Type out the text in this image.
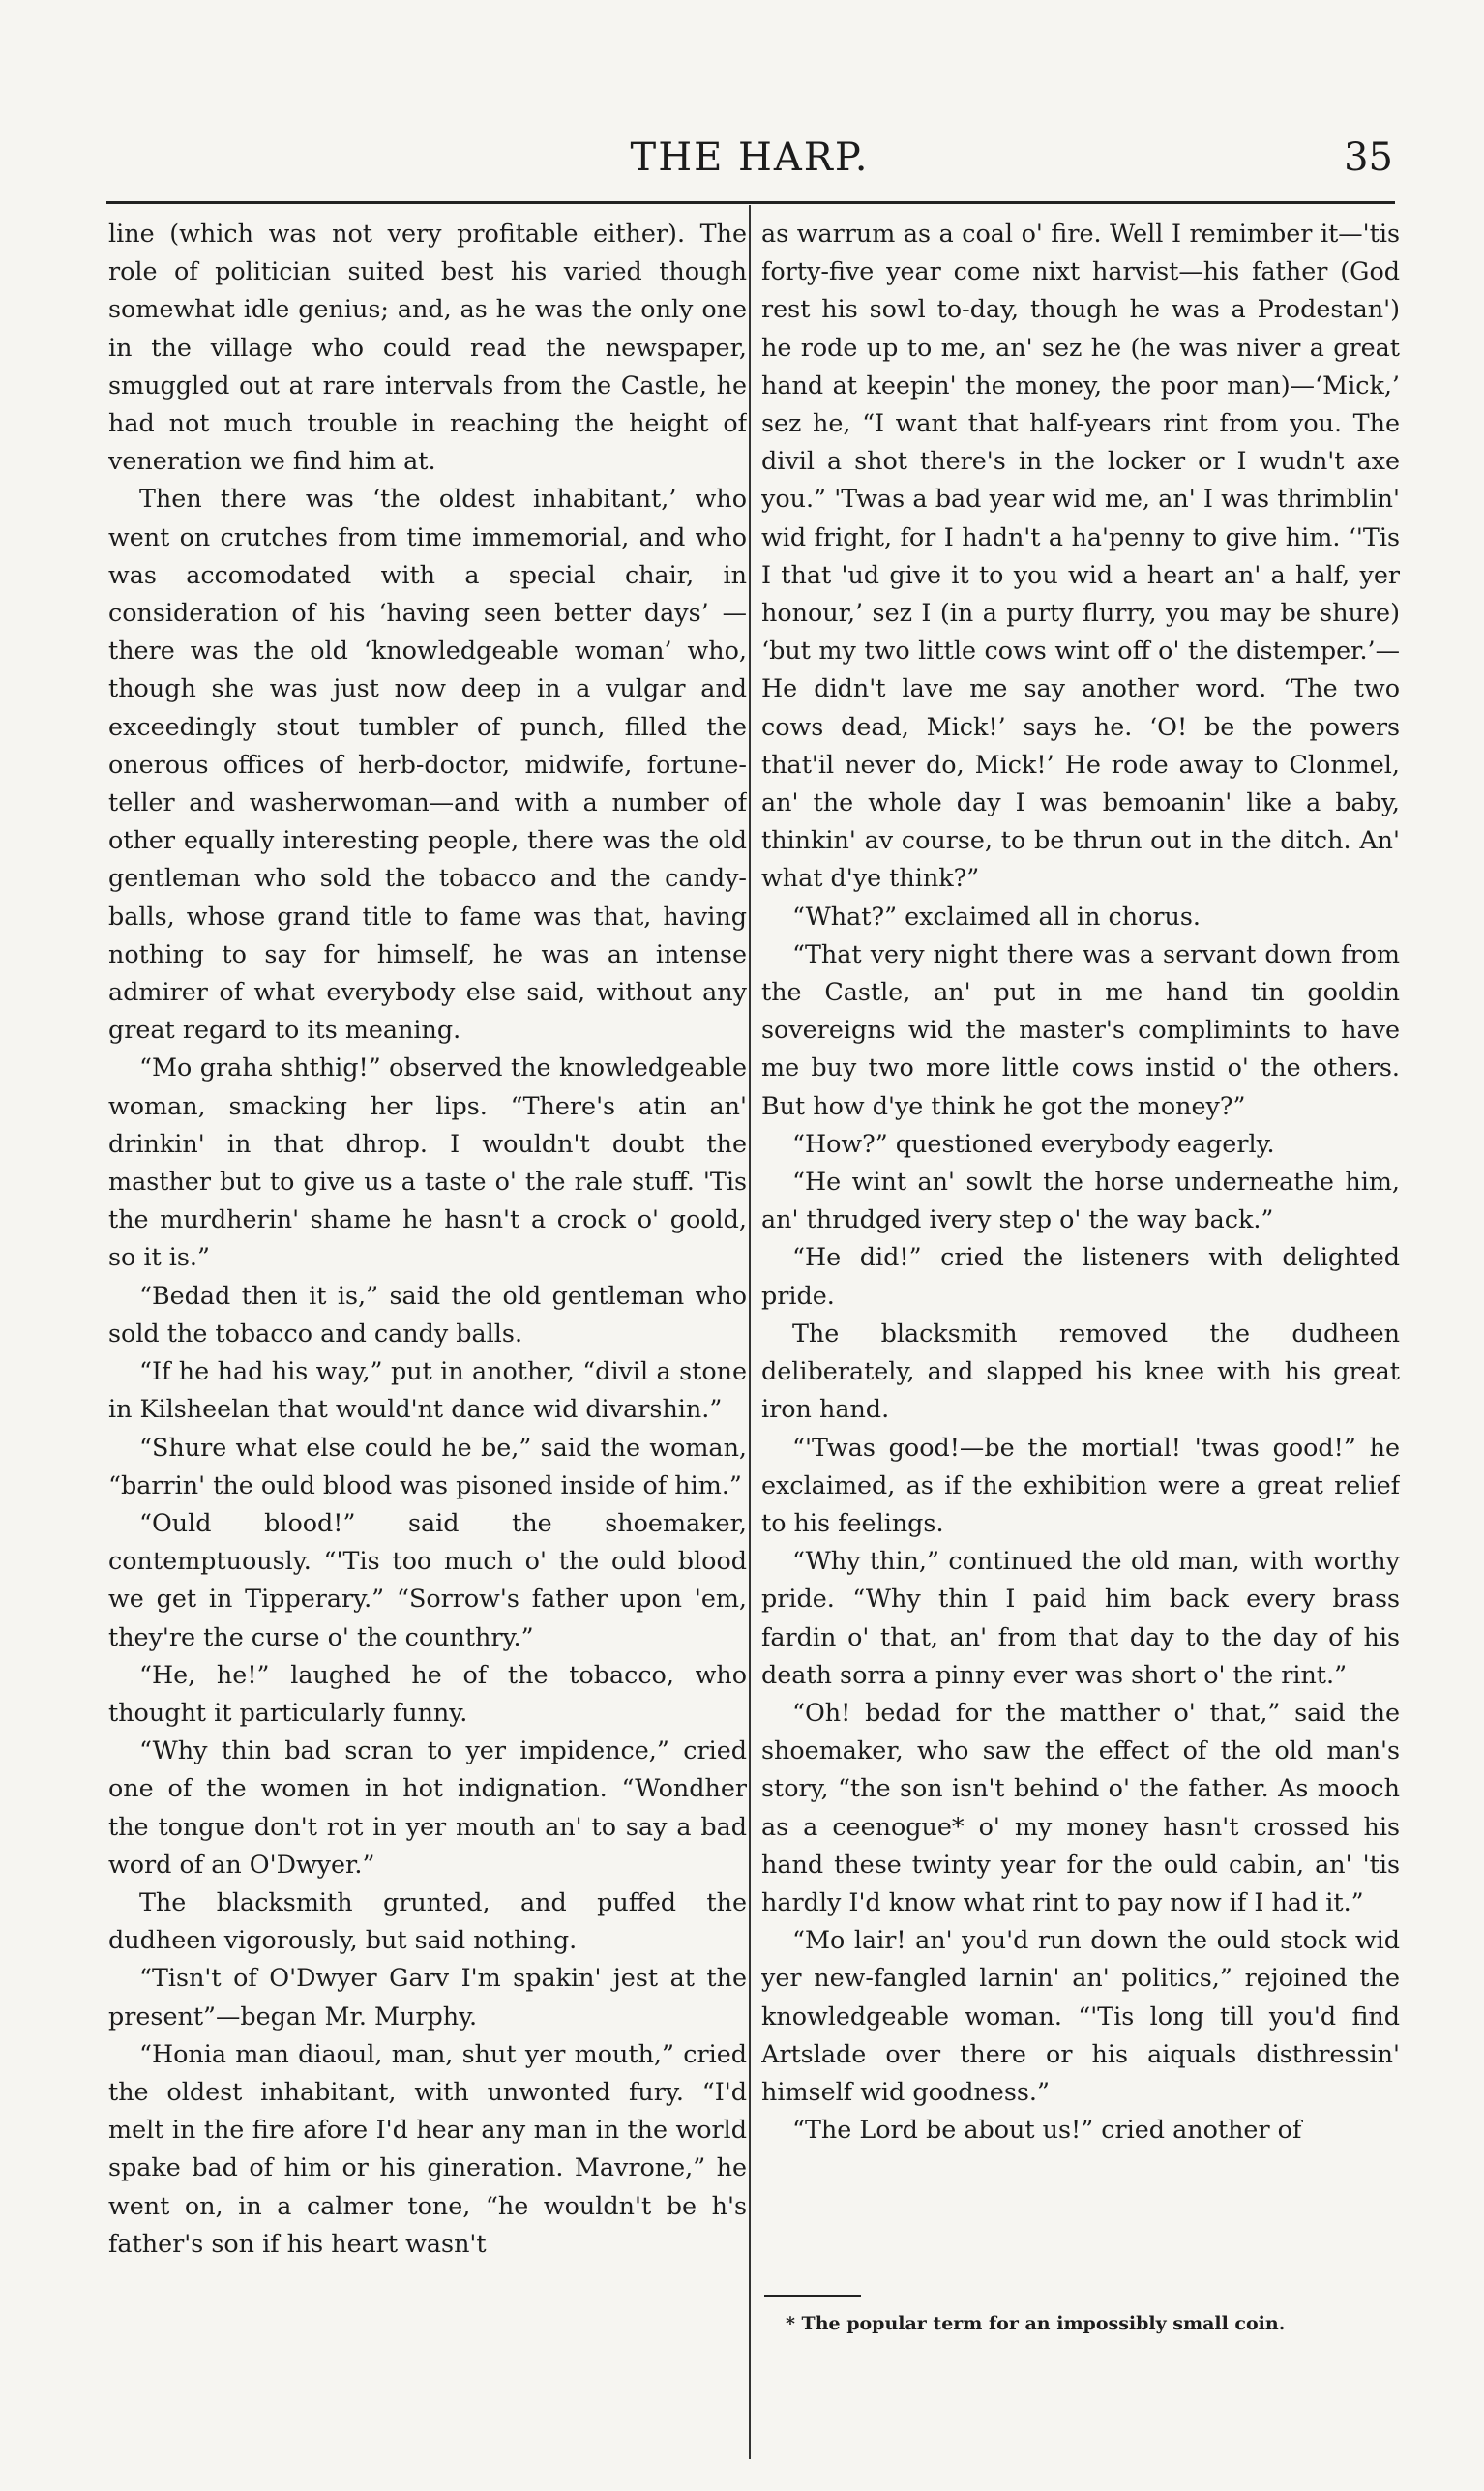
THE HARP.	35

line (which was not very profitable either). The role of politician suited best his varied though somewhat idle genius; and, as he was the only one in the village who could read the newspaper, smuggled out at rare intervals from the Castle, he had not much trouble in reaching the height of veneration we find him at.

Then there was ‘the oldest inhabitant,’ who went on crutches from time immemorial, and who was accomodated with a special chair, in consideration of his ‘having seen better days’ —there was the old ‘knowledgeable woman’ who, though she was just now deep in a vulgar and exceedingly stout tumbler of punch, filled the onerous offices of herb-doctor, midwife, fortune-teller and washerwoman—and with a number of other equally interesting people, there was the old gentleman who sold the tobacco and the candy-balls, whose grand title to fame was that, having nothing to say for himself, he was an intense admirer of what everybody else said, without any great regard to its meaning.

“Mo graha shthig!” observed the knowledgeable woman, smacking her lips. “There's atin an' drinkin' in that dhrop. I wouldn't doubt the masther but to give us a taste o' the rale stuff. 'Tis the murdherin' shame he hasn't a crock o' goold, so it is.”

“Bedad then it is,” said the old gentleman who sold the tobacco and candy balls.

“If he had his way,” put in another, “divil a stone in Kilsheelan that would'nt dance wid divarshin.”

“Shure what else could he be,” said the woman, “barrin' the ould blood was pisoned inside of him.”

“Ould blood!” said the shoemaker, contemptuously. “'Tis too much o' the ould blood we get in Tipperary.” “Sorrow's father upon 'em, they're the curse o' the counthry.”

“He, he!” laughed he of the tobacco, who thought it particularly funny.

“Why thin bad scran to yer impidence,” cried one of the women in hot indignation. “Wondher the tongue don't rot in yer mouth an' to say a bad word of an O'Dwyer.”

The blacksmith grunted, and puffed the dudheen vigorously, but said nothing.

“Tisn't of O'Dwyer Garv I'm spakin' jest at the present”—began Mr. Murphy.

“Honia man diaoul, man, shut yer mouth,” cried the oldest inhabitant, with unwonted fury. “I'd melt in the fire afore I'd hear any man in the world spake bad of him or his gineration. Mavrone,” he went on, in a calmer tone, “he wouldn't be h's father's son if his heart wasn't

as warrum as a coal o' fire. Well I remimber it—'tis forty-five year come nixt harvist—his father (God rest his sowl to-day, though he was a Prodestan') he rode up to me, an' sez he (he was niver a great hand at keepin' the money, the poor man)—‘Mick,’ sez he, “I want that half-years rint from you. The divil a shot there's in the locker or I wudn't axe you.” 'Twas a bad year wid me, an' I was thrimblin' wid fright, for I hadn't a ha'penny to give him. ‘'Tis I that 'ud give it to you wid a heart an' a half, yer honour,’ sez I (in a purty flurry, you may be shure) ‘but my two little cows wint off o' the distemper.’—He didn't lave me say another word. ‘The two cows dead, Mick!’ says he. ‘O! be the powers that'il never do, Mick!’ He rode away to Clonmel, an' the whole day I was bemoanin' like a baby, thinkin' av course, to be thrun out in the ditch. An' what d'ye think?”

“What?” exclaimed all in chorus.

“That very night there was a servant down from the Castle, an' put in me hand tin gooldin sovereigns wid the master's complimints to have me buy two more little cows instid o' the others. But how d'ye think he got the money?”

“How?” questioned everybody eagerly.

“He wint an' sowlt the horse underneathe him, an' thrudged ivery step o' the way back.”

“He did!” cried the listeners with delighted pride.

The blacksmith removed the dudheen deliberately, and slapped his knee with his great iron hand.

“'Twas good!—be the mortial! 'twas good!” he exclaimed, as if the exhibition were a great relief to his feelings.

“Why thin,” continued the old man, with worthy pride. “Why thin I paid him back every brass fardin o' that, an' from that day to the day of his death sorra a pinny ever was short o' the rint.”

“Oh! bedad for the matther o' that,” said the shoemaker, who saw the effect of the old man's story, “the son isn't behind o' the father. As mooch as a ceenogue* o' my money hasn't crossed his hand these twinty year for the ould cabin, an' 'tis hardly I'd know what rint to pay now if I had it.”

“Mo lair! an' you'd run down the ould stock wid yer new-fangled larnin' an' politics,” rejoined the knowledgeable woman. “'Tis long till you'd find Artslade over there or his aiquals disthressin' himself wid goodness.”

“The Lord be about us!” cried another of

* The popular term for an impossibly small coin.
